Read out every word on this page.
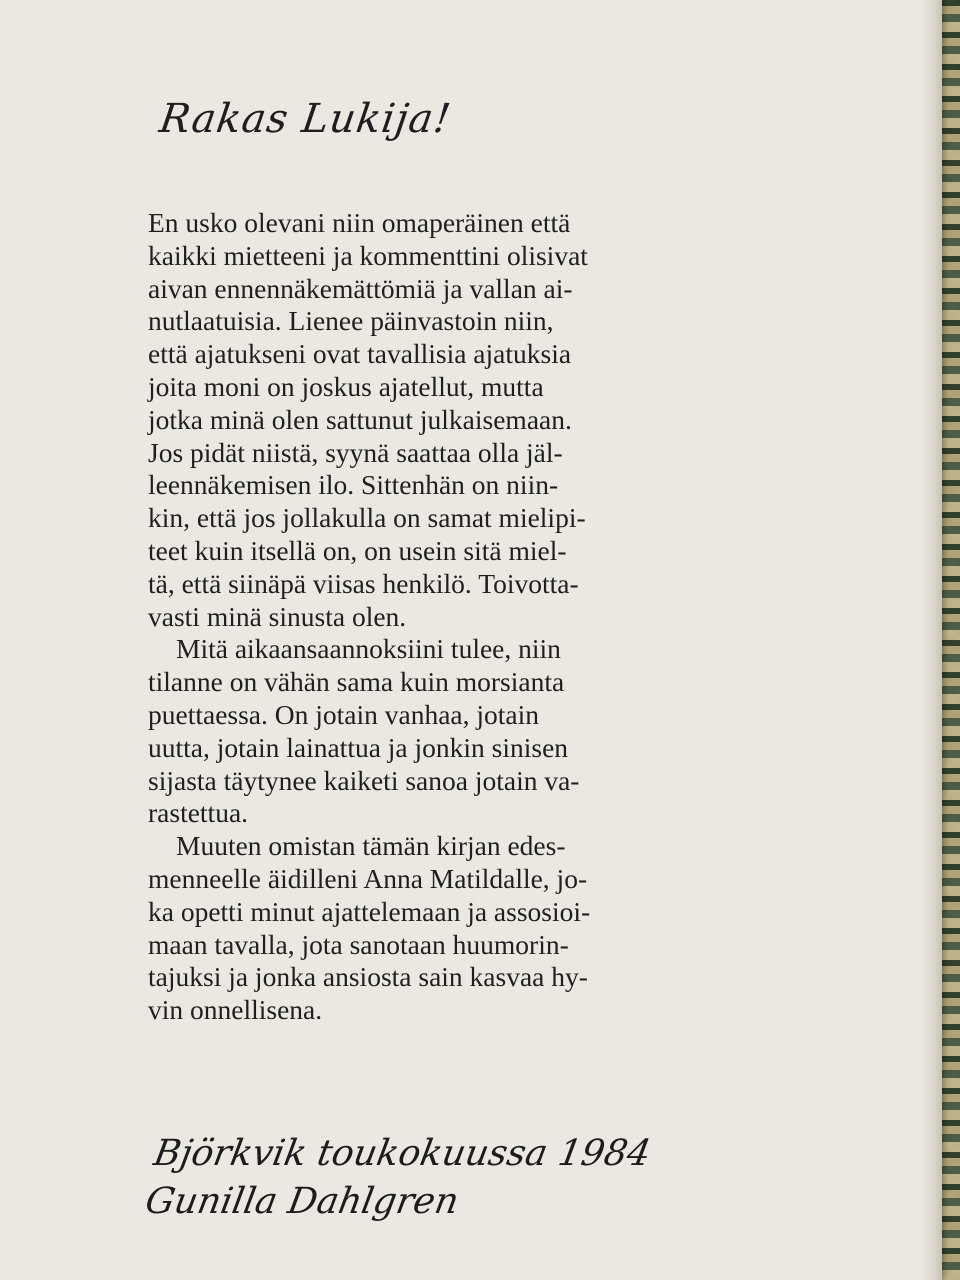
Rakas Lukija!

En usko olevani niin omaperäinen että
kaikki mietteeni ja kommenttini olisivat
aivan ennennäkemättömiä ja vallan ai-
nutlaatuisia. Lienee päinvastoin niin,
että ajatukseni ovat tavallisia ajatuksia
joita moni on joskus ajatellut, mutta
jotka minä olen sattunut julkaisemaan.
Jos pidät niistä, syynä saattaa olla jäl-
leennäkemisen ilo. Sittenhän on niin-
kin, että jos jollakulla on samat mielipi-
teet kuin itsellä on, on usein sitä miel-
tä, että siinäpä viisas henkilö. Toivotta-
vasti minä sinusta olen.

Mitä aikaansaannoksiini tulee, niin
tilanne on vähän sama kuin morsianta
puettaessa. On jotain vanhaa, jotain
uutta, jotain lainattua ja jonkin sinisen
sijasta täytynee kaiketi sanoa jotain va-
rastettua.

Muuten omistan tämän kirjan edes-
menneelle äidilleni Anna Matildalle, jo-
ka opetti minut ajattelemaan ja assosioi-
maan tavalla, jota sanotaan huumorin-
tajuksi ja jonka ansiosta sain kasvaa hy-
vin onnellisena.

Björkvik toukokuussa 1984
Gunilla Dahlgren
